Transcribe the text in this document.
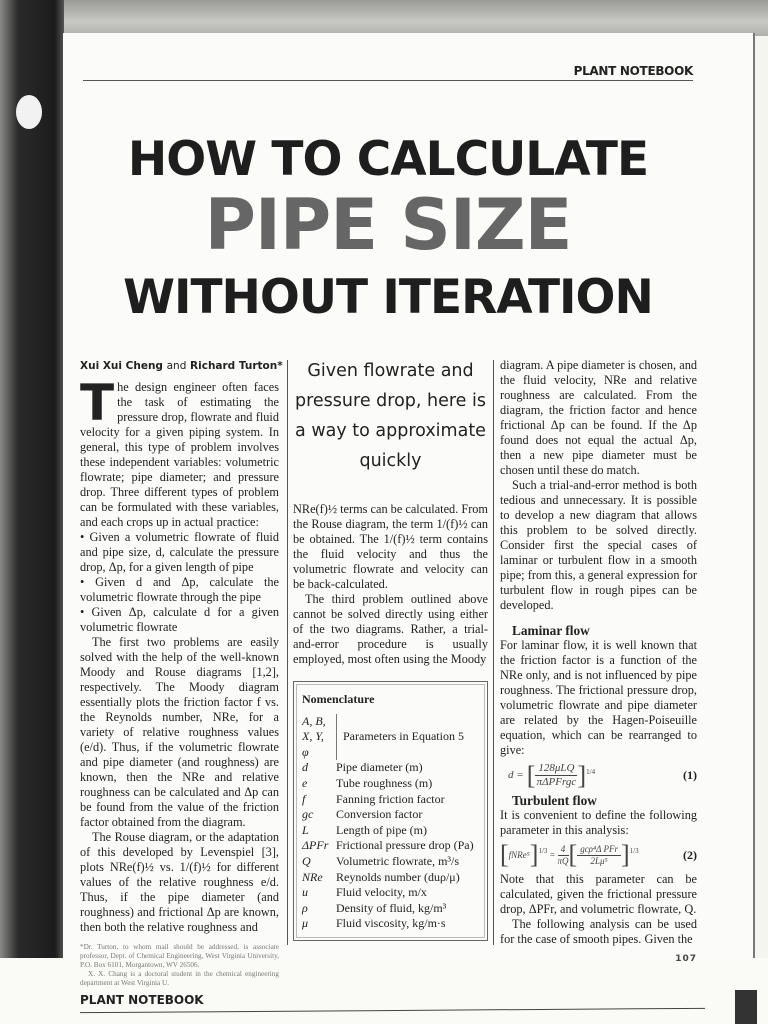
PLANT NOTEBOOK
HOW TO CALCULATE
PIPE SIZE
WITHOUT ITERATION
Xui Xui Cheng and Richard Turton*

The design engineer often faces the task of estimating the pressure drop, flowrate and fluid velocity for a given piping system. In general, this type of problem involves these independent variables: volumetric flowrate; pipe diameter; and pressure drop. Three different types of problem can be formulated with these variables, and each crops up in actual practice:

• Given a volumetric flowrate of fluid and pipe size, d, calculate the pressure drop, Δp, for a given length of pipe

• Given d and Δp, calculate the volumetric flowrate through the pipe

• Given Δp, calculate d for a given volumetric flowrate

The first two problems are easily solved with the help of the well-known Moody and Rouse diagrams [1,2], respectively. The Moody diagram essentially plots the friction factor f vs. the Reynolds number, NRe, for a variety of relative roughness values (e/d). Thus, if the volumetric flowrate and pipe diameter (and roughness) are known, then the NRe and relative roughness can be calculated and Δp can be found from the value of the friction factor obtained from the diagram.

The Rouse diagram, or the adaptation of this developed by Levenspiel [3], plots NRe(f)½ vs. 1/(f)½ for different values of the relative roughness e/d. Thus, if the pipe diameter (and roughness) and frictional Δp are known, then both the relative roughness and

*Dr. Turton, to whom mail should be addressed, is associate professor, Dept. of Chemical Engineering, West Virginia University, P.O. Box 6101, Morgantown, WV 26506.

X. X. Chang is a doctoral student in the chemical engineering department at West Virginia U.

Given flowrate and pressure drop, here is a way to approximate quickly

NRe(f)½ terms can be calculated. From the Rouse diagram, the term 1/(f)½ can be obtained. The 1/(f)½ term contains the fluid velocity and thus the volumetric flowrate and velocity can be back-calculated.

The third problem outlined above cannot be solved directly using either of the two diagrams. Rather, a trial-and-error procedure is usually employed, most often using the Moody

Nomenclature
A, B,
X, Y,
φ
Parameters in Equation 5
d	Pipe diameter (m)
e	Tube roughness (m)
f	Fanning friction factor
gc	Conversion factor
L	Length of pipe (m)
ΔPFr Frictional pressure drop (Pa)
Q	Volumetric flowrate, m³/s
NRe	Reynolds number (duρ/μ)
u	Fluid velocity, m/x
ρ	Density of fluid, kg/m³
μ	Fluid viscosity, kg/m·s

diagram. A pipe diameter is chosen, and the fluid velocity, NRe and relative roughness are calculated. From the diagram, the friction factor and hence frictional Δp can be found. If the Δp found does not equal the actual Δp, then a new pipe diameter must be chosen until these do match.

Such a trial-and-error method is both tedious and unnecessary. It is possible to develop a new diagram that allows this problem to be solved directly. Consider first the special cases of laminar or turbulent flow in a smooth pipe; from this, a general expression for turbulent flow in rough pipes can be developed.

Laminar flow

For laminar flow, it is well known that the friction factor is a function of the NRe only, and is not influenced by pipe roughness. The frictional pressure drop, volumetric flowrate and pipe diameter are related by the Hagen-Poiseuille equation, which can be rearranged to give:

d = [ $\frac{\text{128μLQ}}{\text{πΔPFrgc}} ]^{1/4}$	(1)

Turbulent flow

It is convenient to define the following parameter in this analysis:

[ fNRe⁵ ]$^{1/3} = \frac{4}{\pi Q}$ [ $\frac{\text{gcρ⁴Δ PFr}}{\text{2Lμ⁵}} ]^{1/3}$	(2)

Note that this parameter can be calculated, given the frictional pressure drop, ΔPFr, and volumetric flowrate, Q.

The following analysis can be used for the case of smooth pipes. Given the

107
PLANT NOTEBOOK
